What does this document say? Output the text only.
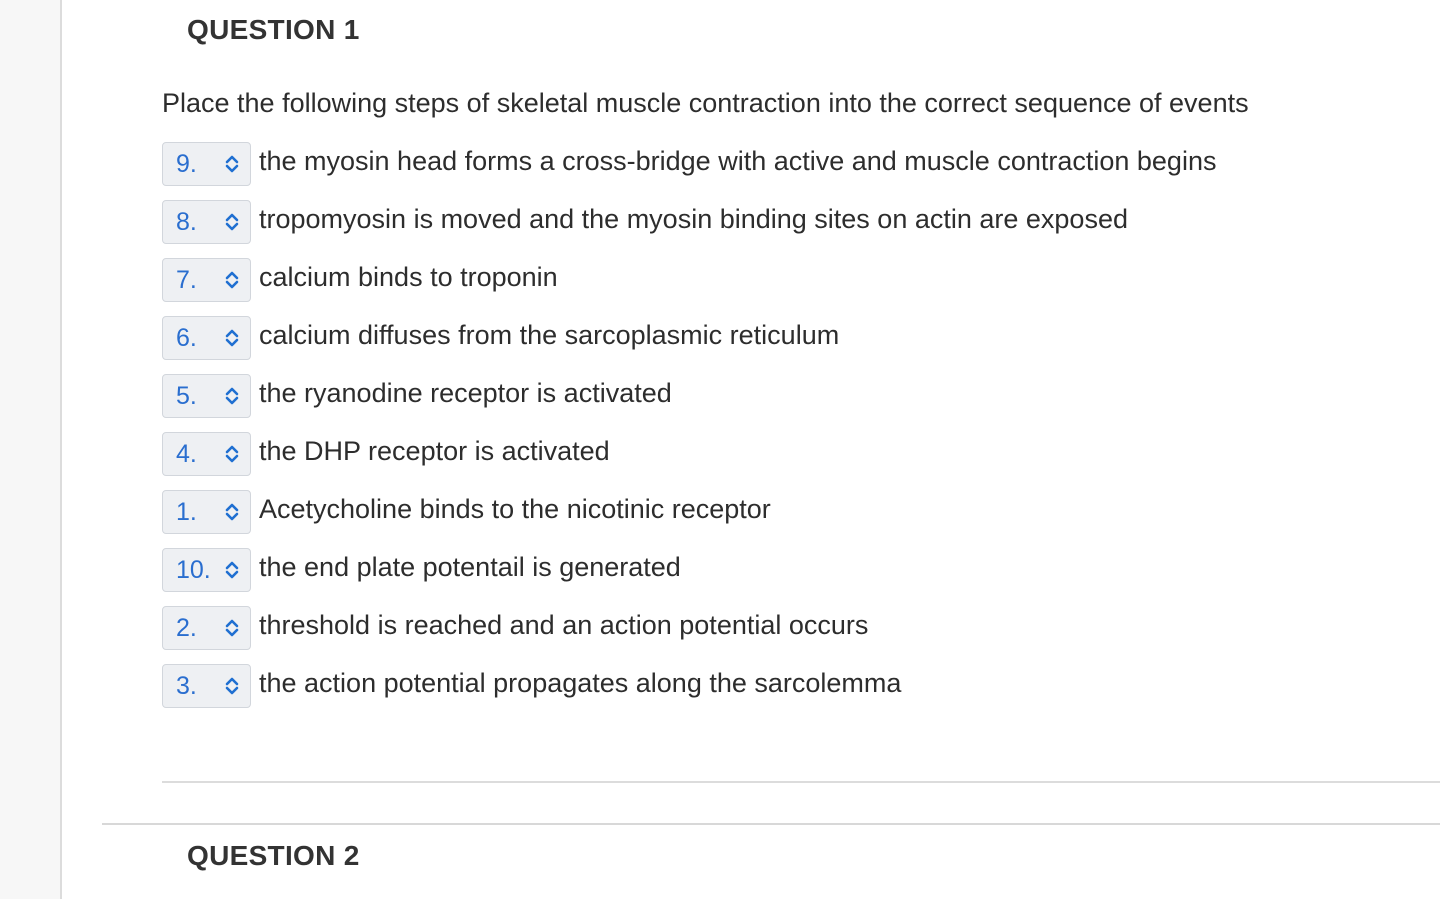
QUESTION 1
Place the following steps of skeletal muscle contraction into the correct sequence of events
9. the myosin head forms a cross-bridge with active and muscle contraction begins
8. tropomyosin is moved and the myosin binding sites on actin are exposed
7. calcium binds to troponin
6. calcium diffuses from the sarcoplasmic reticulum
5. the ryanodine receptor is activated
4. the DHP receptor is activated
1. Acetycholine binds to the nicotinic receptor
10. the end plate potentail is generated
2. threshold is reached and an action potential occurs
3. the action potential propagates along the sarcolemma
QUESTION 2
